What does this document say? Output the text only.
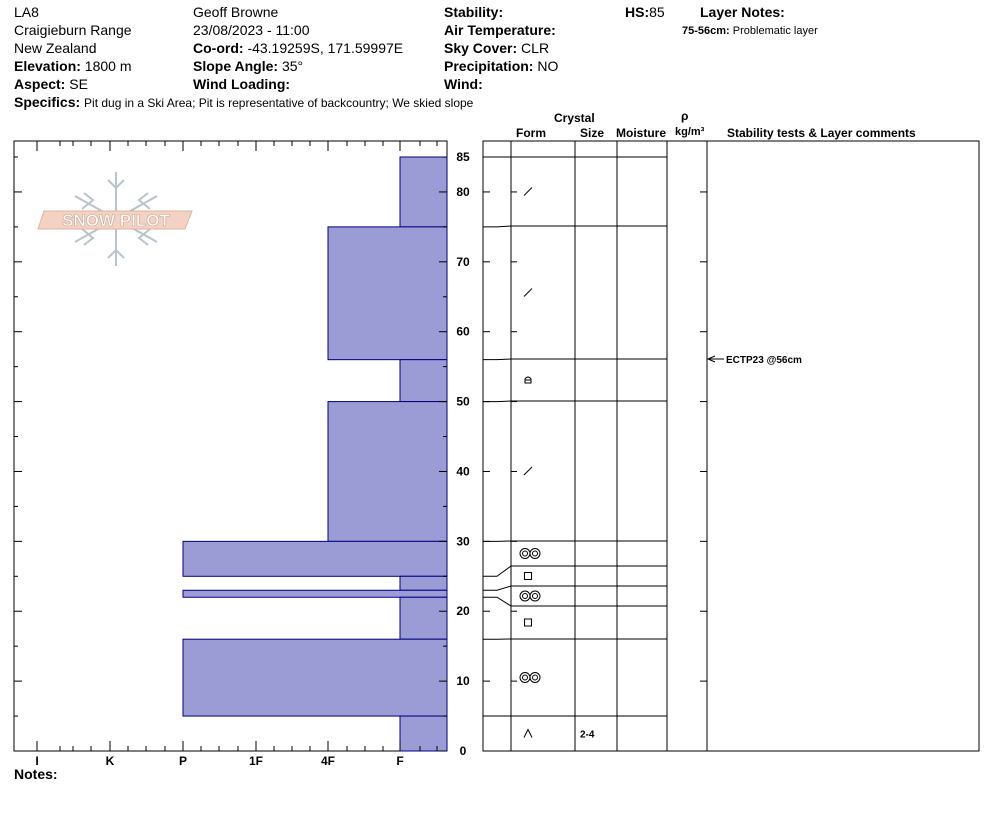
LA8
Craigieburn Range
New Zealand
Elevation: 1800 m
Aspect: SE
Geoff Browne
23/08/2023 - 11:00
Co-ord: -43.19259S, 171.59997E
Slope Angle: 35°
Wind Loading:
Stability:
Air Temperature:
Sky Cover: CLR
Precipitation: NO
Wind:
HS:85	Layer Notes:
75-56cm: Problematic layer
Specifics: Pit dug in a Ski Area; Pit is representative of backcountry; We skied slope
Crystal	ρ
Form	Size Moisture kg/m³ Stability tests & Layer comments
Notes:
SNOW PILOT
I	K	P	1F	4F	F
0
10
20
30
40
50
60
70
80
85
2-4
ECTP23 @56cm
